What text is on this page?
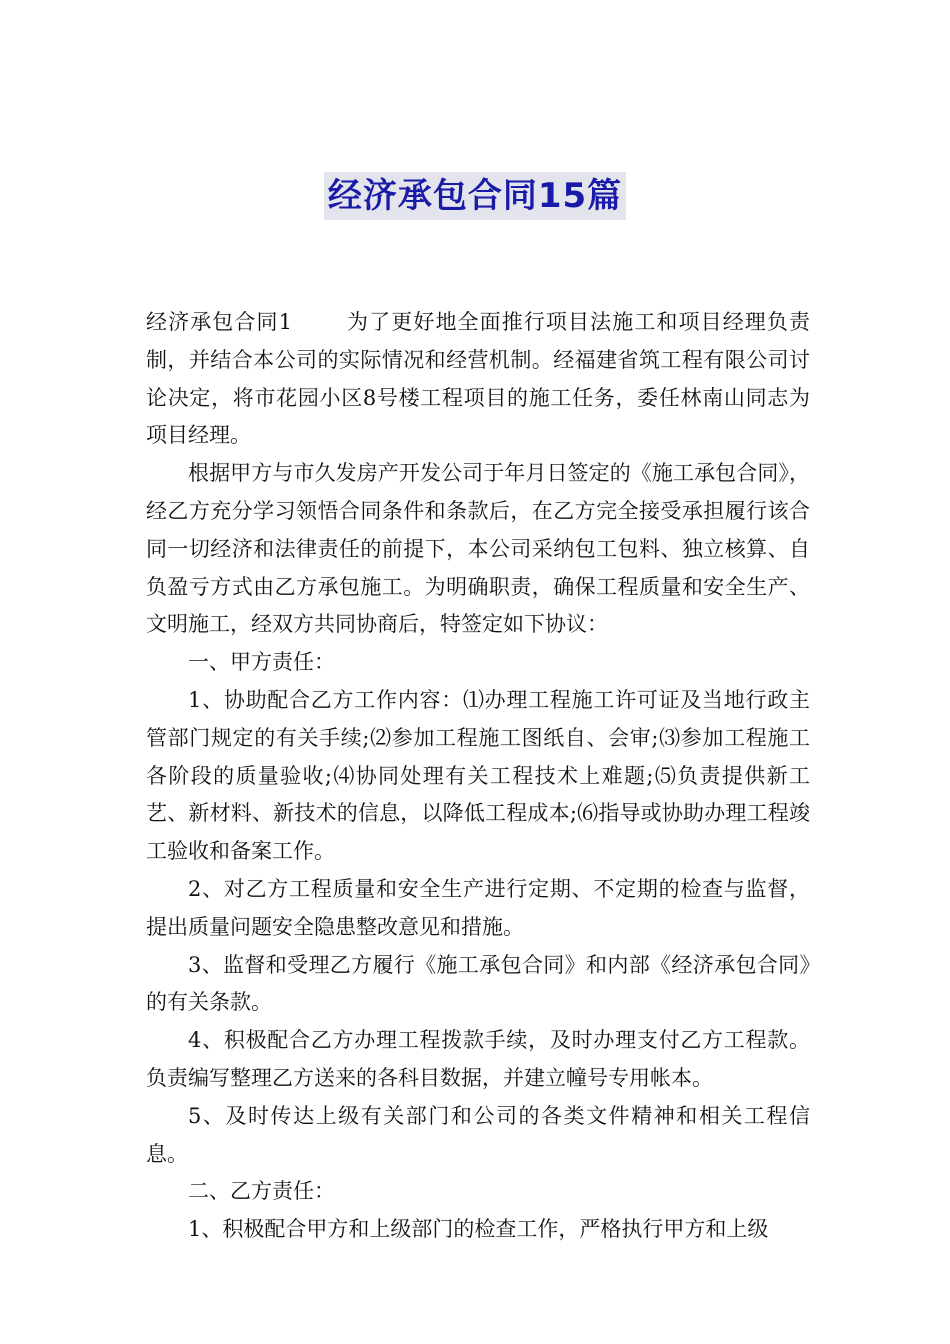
经济承包合同15篇

经济承包合同1	为了更好地全面推行项目法施工和项目经理负责制，并结合本公司的实际情况和经营机制。经福建省筑工程有限公司讨论决定，将市花园小区8号楼工程项目的施工任务，委任林南山同志为项目经理。

根据甲方与市久发房产开发公司于年月日签定的《施工承包合同》，经乙方充分学习领悟合同条件和条款后，在乙方完全接受承担履行该合同一切经济和法律责任的前提下，本公司采纳包工包料、独立核算、自负盈亏方式由乙方承包施工。为明确职责，确保工程质量和安全生产、文明施工，经双方共同协商后，特签定如下协议：

一、甲方责任：

1、协助配合乙方工作内容：⑴办理工程施工许可证及当地行政主管部门规定的有关手续;⑵参加工程施工图纸自、会审;⑶参加工程施工各阶段的质量验收;⑷协同处理有关工程技术上难题;⑸负责提供新工艺、新材料、新技术的信息，以降低工程成本;⑹指导或协助办理工程竣工验收和备案工作。

2、对乙方工程质量和安全生产进行定期、不定期的检查与监督，提出质量问题安全隐患整改意见和措施。

3、监督和受理乙方履行《施工承包合同》和内部《经济承包合同》的有关条款。

4、积极配合乙方办理工程拨款手续，及时办理支付乙方工程款。负责编写整理乙方送来的各科目数据，并建立幢号专用帐本。

5、及时传达上级有关部门和公司的各类文件精神和相关工程信息。

二、乙方责任：

1、积极配合甲方和上级部门的检查工作，严格执行甲方和上级
